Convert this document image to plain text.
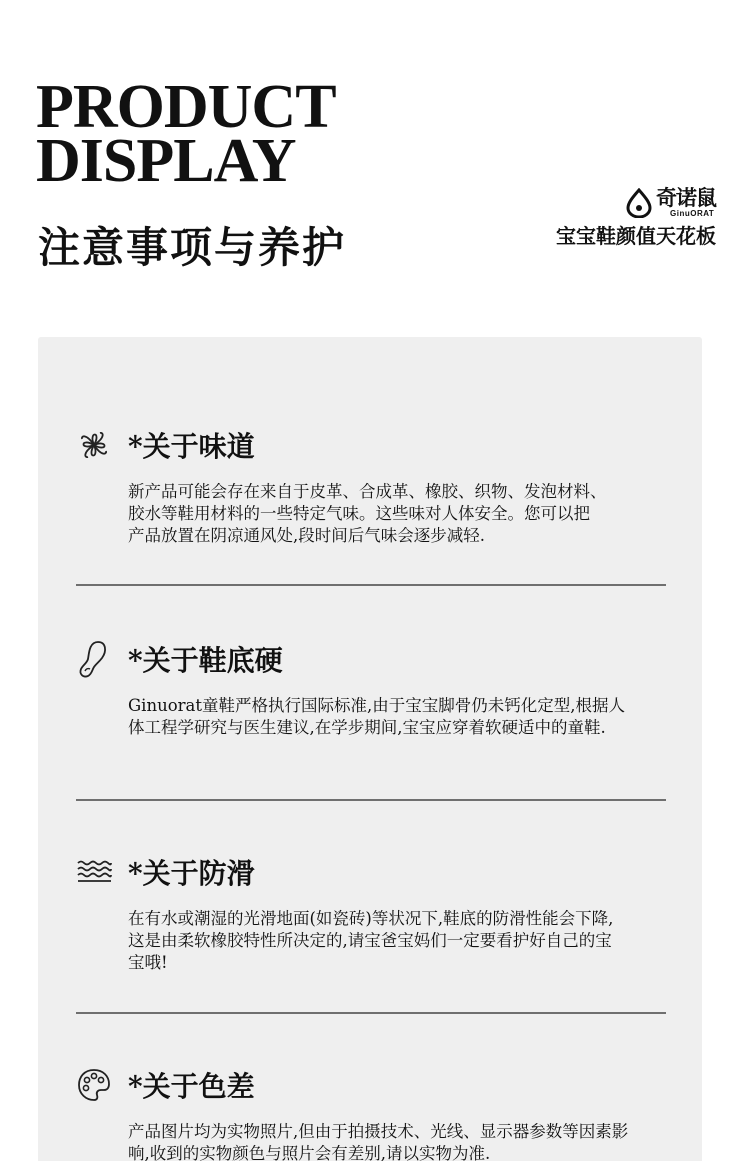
PRODUCT
DISPLAY
注意事项与养护
奇诺鼠
GinuORAT
宝宝鞋颜值天花板
*关于味道
新产品可能会存在来自于皮革、合成革、橡胶、织物、发泡材料、
胶水等鞋用材料的一些特定气味。这些味对人体安全。您可以把
产品放置在阴凉通风处,段时间后气味会逐步减轻.
*关于鞋底硬
Ginuorat童鞋严格执行国际标准,由于宝宝脚骨仍未钙化定型,根据人
体工程学研究与医生建议,在学步期间,宝宝应穿着软硬适中的童鞋.
*关于防滑
在有水或潮湿的光滑地面(如瓷砖)等状况下,鞋底的防滑性能会下降,
这是由柔软橡胶特性所决定的,请宝爸宝妈们一定要看护好自己的宝
宝哦!
*关于色差
产品图片均为实物照片,但由于拍摄技术、光线、显示器参数等因素影
响,收到的实物颜色与照片会有差别,请以实物为准.
